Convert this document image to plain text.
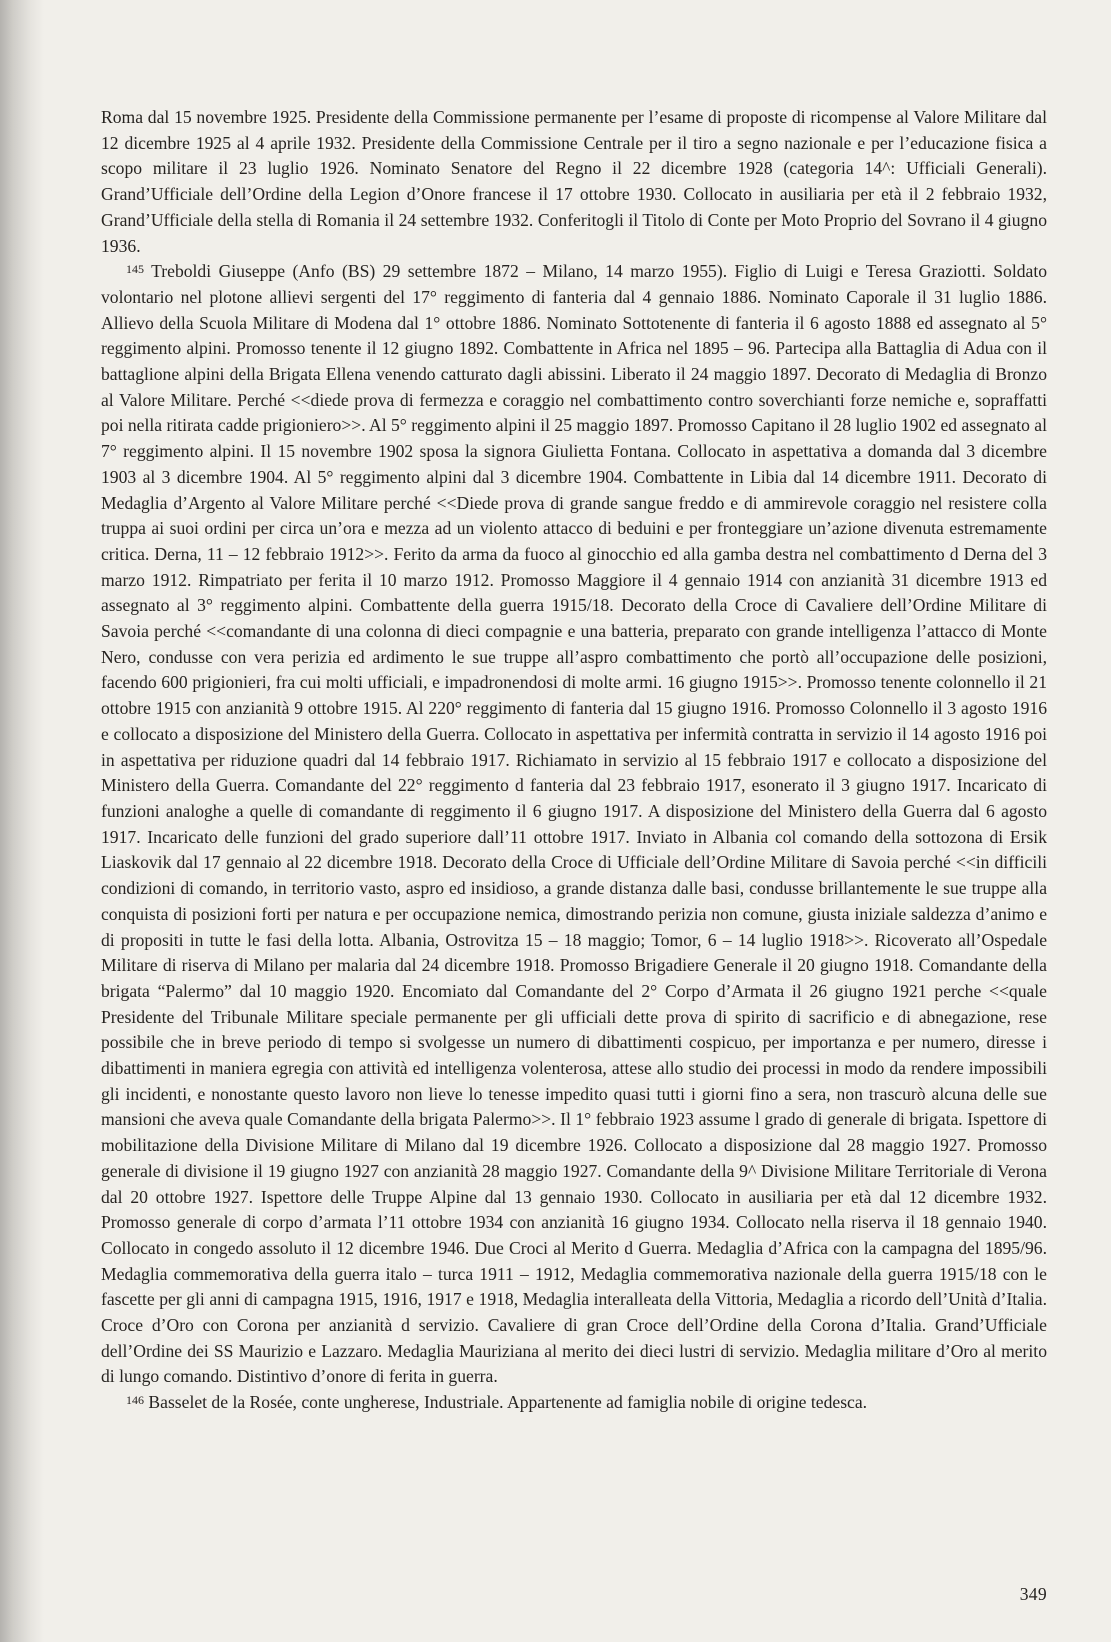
Roma dal 15 novembre 1925. Presidente della Commissione permanente per l’esame di proposte di ricompense al Valore Militare dal 12 dicembre 1925 al 4 aprile 1932. Presidente della Commissione Centrale per il tiro a segno nazionale e per l’educazione fisica a scopo militare il 23 luglio 1926. Nominato Senatore del Regno il 22 dicembre 1928 (categoria 14^: Ufficiali Generali). Grand’Ufficiale dell’Ordine della Legion d’Onore francese il 17 ottobre 1930. Collocato in ausiliaria per età il 2 febbraio 1932, Grand’Ufficiale della stella di Romania il 24 settembre 1932. Conferitogli il Titolo di Conte per Moto Proprio del Sovrano il 4 giugno 1936.

$^{145}$ Treboldi Giuseppe (Anfo (BS) 29 settembre 1872 – Milano, 14 marzo 1955). Figlio di Luigi e Teresa Graziotti. Soldato volontario nel plotone allievi sergenti del 17° reggimento di fanteria dal 4 gennaio 1886. Nominato Caporale il 31 luglio 1886. Allievo della Scuola Militare di Modena dal 1° ottobre 1886. Nominato Sottotenente di fanteria il 6 agosto 1888 ed assegnato al 5° reggimento alpini. Promosso tenente il 12 giugno 1892. Combattente in Africa nel 1895 – 96. Partecipa alla Battaglia di Adua con il battaglione alpini della Brigata Ellena venendo catturato dagli abissini. Liberato il 24 maggio 1897. Decorato di Medaglia di Bronzo al Valore Militare. Perché <<diede prova di fermezza e coraggio nel combattimento contro soverchianti forze nemiche e, sopraffatti poi nella ritirata cadde prigioniero>>. Al 5° reggimento alpini il 25 maggio 1897. Promosso Capitano il 28 luglio 1902 ed assegnato al 7° reggimento alpini. Il 15 novembre 1902 sposa la signora Giulietta Fontana. Collocato in aspettativa a domanda dal 3 dicembre 1903 al 3 dicembre 1904. Al 5° reggimento alpini dal 3 dicembre 1904. Combattente in Libia dal 14 dicembre 1911. Decorato di Medaglia d’Argento al Valore Militare perché <<Diede prova di grande sangue freddo e di ammirevole coraggio nel resistere colla truppa ai suoi ordini per circa un’ora e mezza ad un violento attacco di beduini e per fronteggiare un’azione divenuta estremamente critica. Derna, 11 – 12 febbraio 1912>>. Ferito da arma da fuoco al ginocchio ed alla gamba destra nel combattimento d Derna del 3 marzo 1912. Rimpatriato per ferita il 10 marzo 1912. Promosso Maggiore il 4 gennaio 1914 con anzianità 31 dicembre 1913 ed assegnato al 3° reggimento alpini. Combattente della guerra 1915/18. Decorato della Croce di Cavaliere dell’Ordine Militare di Savoia perché <<comandante di una colonna di dieci compagnie e una batteria, preparato con grande intelligenza l’attacco di Monte Nero, condusse con vera perizia ed ardimento le sue truppe all’aspro combattimento che portò all’occupazione delle posizioni, facendo 600 prigionieri, fra cui molti ufficiali, e impadronendosi di molte armi. 16 giugno 1915>>. Promosso tenente colonnello il 21 ottobre 1915 con anzianità 9 ottobre 1915. Al 220° reggimento di fanteria dal 15 giugno 1916. Promosso Colonnello il 3 agosto 1916 e collocato a disposizione del Ministero della Guerra. Collocato in aspettativa per infermità contratta in servizio il 14 agosto 1916 poi in aspettativa per riduzione quadri dal 14 febbraio 1917. Richiamato in servizio al 15 febbraio 1917 e collocato a disposizione del Ministero della Guerra. Comandante del 22° reggimento d fanteria dal 23 febbraio 1917, esonerato il 3 giugno 1917. Incaricato di funzioni analoghe a quelle di comandante di reggimento il 6 giugno 1917. A disposizione del Ministero della Guerra dal 6 agosto 1917. Incaricato delle funzioni del grado superiore dall’11 ottobre 1917. Inviato in Albania col comando della sottozona di Ersik Liaskovik dal 17 gennaio al 22 dicembre 1918. Decorato della Croce di Ufficiale dell’Ordine Militare di Savoia perché <<in difficili condizioni di comando, in territorio vasto, aspro ed insidioso, a grande distanza dalle basi, condusse brillantemente le sue truppe alla conquista di posizioni forti per natura e per occupazione nemica, dimostrando perizia non comune, giusta iniziale saldezza d’animo e di propositi in tutte le fasi della lotta. Albania, Ostrovitza 15 – 18 maggio; Tomor, 6 – 14 luglio 1918>>. Ricoverato all’Ospedale Militare di riserva di Milano per malaria dal 24 dicembre 1918. Promosso Brigadiere Generale il 20 giugno 1918. Comandante della brigata “Palermo” dal 10 maggio 1920. Encomiato dal Comandante del 2° Corpo d’Armata il 26 giugno 1921 perche <<quale Presidente del Tribunale Militare speciale permanente per gli ufficiali dette prova di spirito di sacrificio e di abnegazione, rese possibile che in breve periodo di tempo si svolgesse un numero di dibattimenti cospicuo, per importanza e per numero, diresse i dibattimenti in maniera egregia con attività ed intelligenza volenterosa, attese allo studio dei processi in modo da rendere impossibili gli incidenti, e nonostante questo lavoro non lieve lo tenesse impedito quasi tutti i giorni fino a sera, non trascurò alcuna delle sue mansioni che aveva quale Comandante della brigata Palermo>>. Il 1° febbraio 1923 assume l grado di generale di brigata. Ispettore di mobilitazione della Divisione Militare di Milano dal 19 dicembre 1926. Collocato a disposizione dal 28 maggio 1927. Promosso generale di divisione il 19 giugno 1927 con anzianità 28 maggio 1927. Comandante della 9^ Divisione Militare Territoriale di Verona dal 20 ottobre 1927. Ispettore delle Truppe Alpine dal 13 gennaio 1930. Collocato in ausiliaria per età dal 12 dicembre 1932. Promosso generale di corpo d’armata l’11 ottobre 1934 con anzianità 16 giugno 1934. Collocato nella riserva il 18 gennaio 1940. Collocato in congedo assoluto il 12 dicembre 1946. Due Croci al Merito d Guerra. Medaglia d’Africa con la campagna del 1895/96. Medaglia commemorativa della guerra italo – turca 1911 – 1912, Medaglia commemorativa nazionale della guerra 1915/18 con le fascette per gli anni di campagna 1915, 1916, 1917 e 1918, Medaglia interalleata della Vittoria, Medaglia a ricordo dell’Unità d’Italia. Croce d’Oro con Corona per anzianità d servizio. Cavaliere di gran Croce dell’Ordine della Corona d’Italia. Grand’Ufficiale dell’Ordine dei SS Maurizio e Lazzaro. Medaglia Mauriziana al merito dei dieci lustri di servizio. Medaglia militare d’Oro al merito di lungo comando. Distintivo d’onore di ferita in guerra.

$^{146}$ Basselet de la Rosée, conte ungherese, Industriale. Appartenente ad famiglia nobile di origine tedesca.

349
